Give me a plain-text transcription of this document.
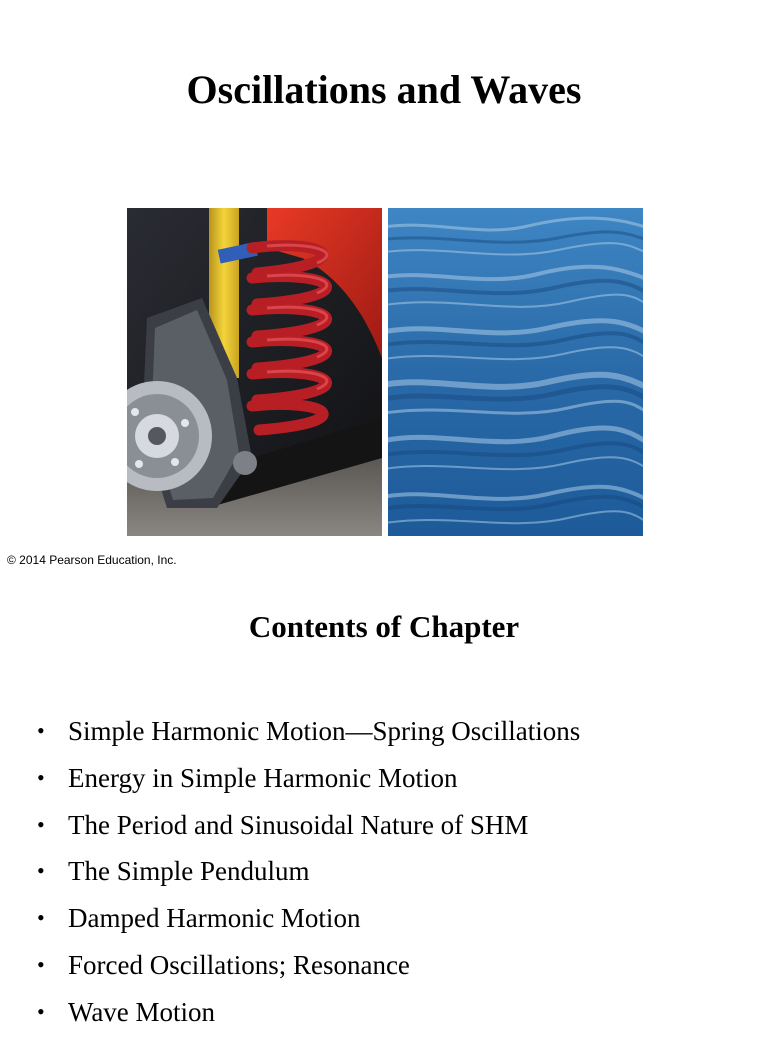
Oscillations and Waves
© 2014 Pearson Education, Inc.
Contents of Chapter
• Simple Harmonic Motion—Spring Oscillations
• Energy in Simple Harmonic Motion
• The Period and Sinusoidal Nature of SHM
• The Simple Pendulum
• Damped Harmonic Motion
• Forced Oscillations; Resonance
• Wave Motion
